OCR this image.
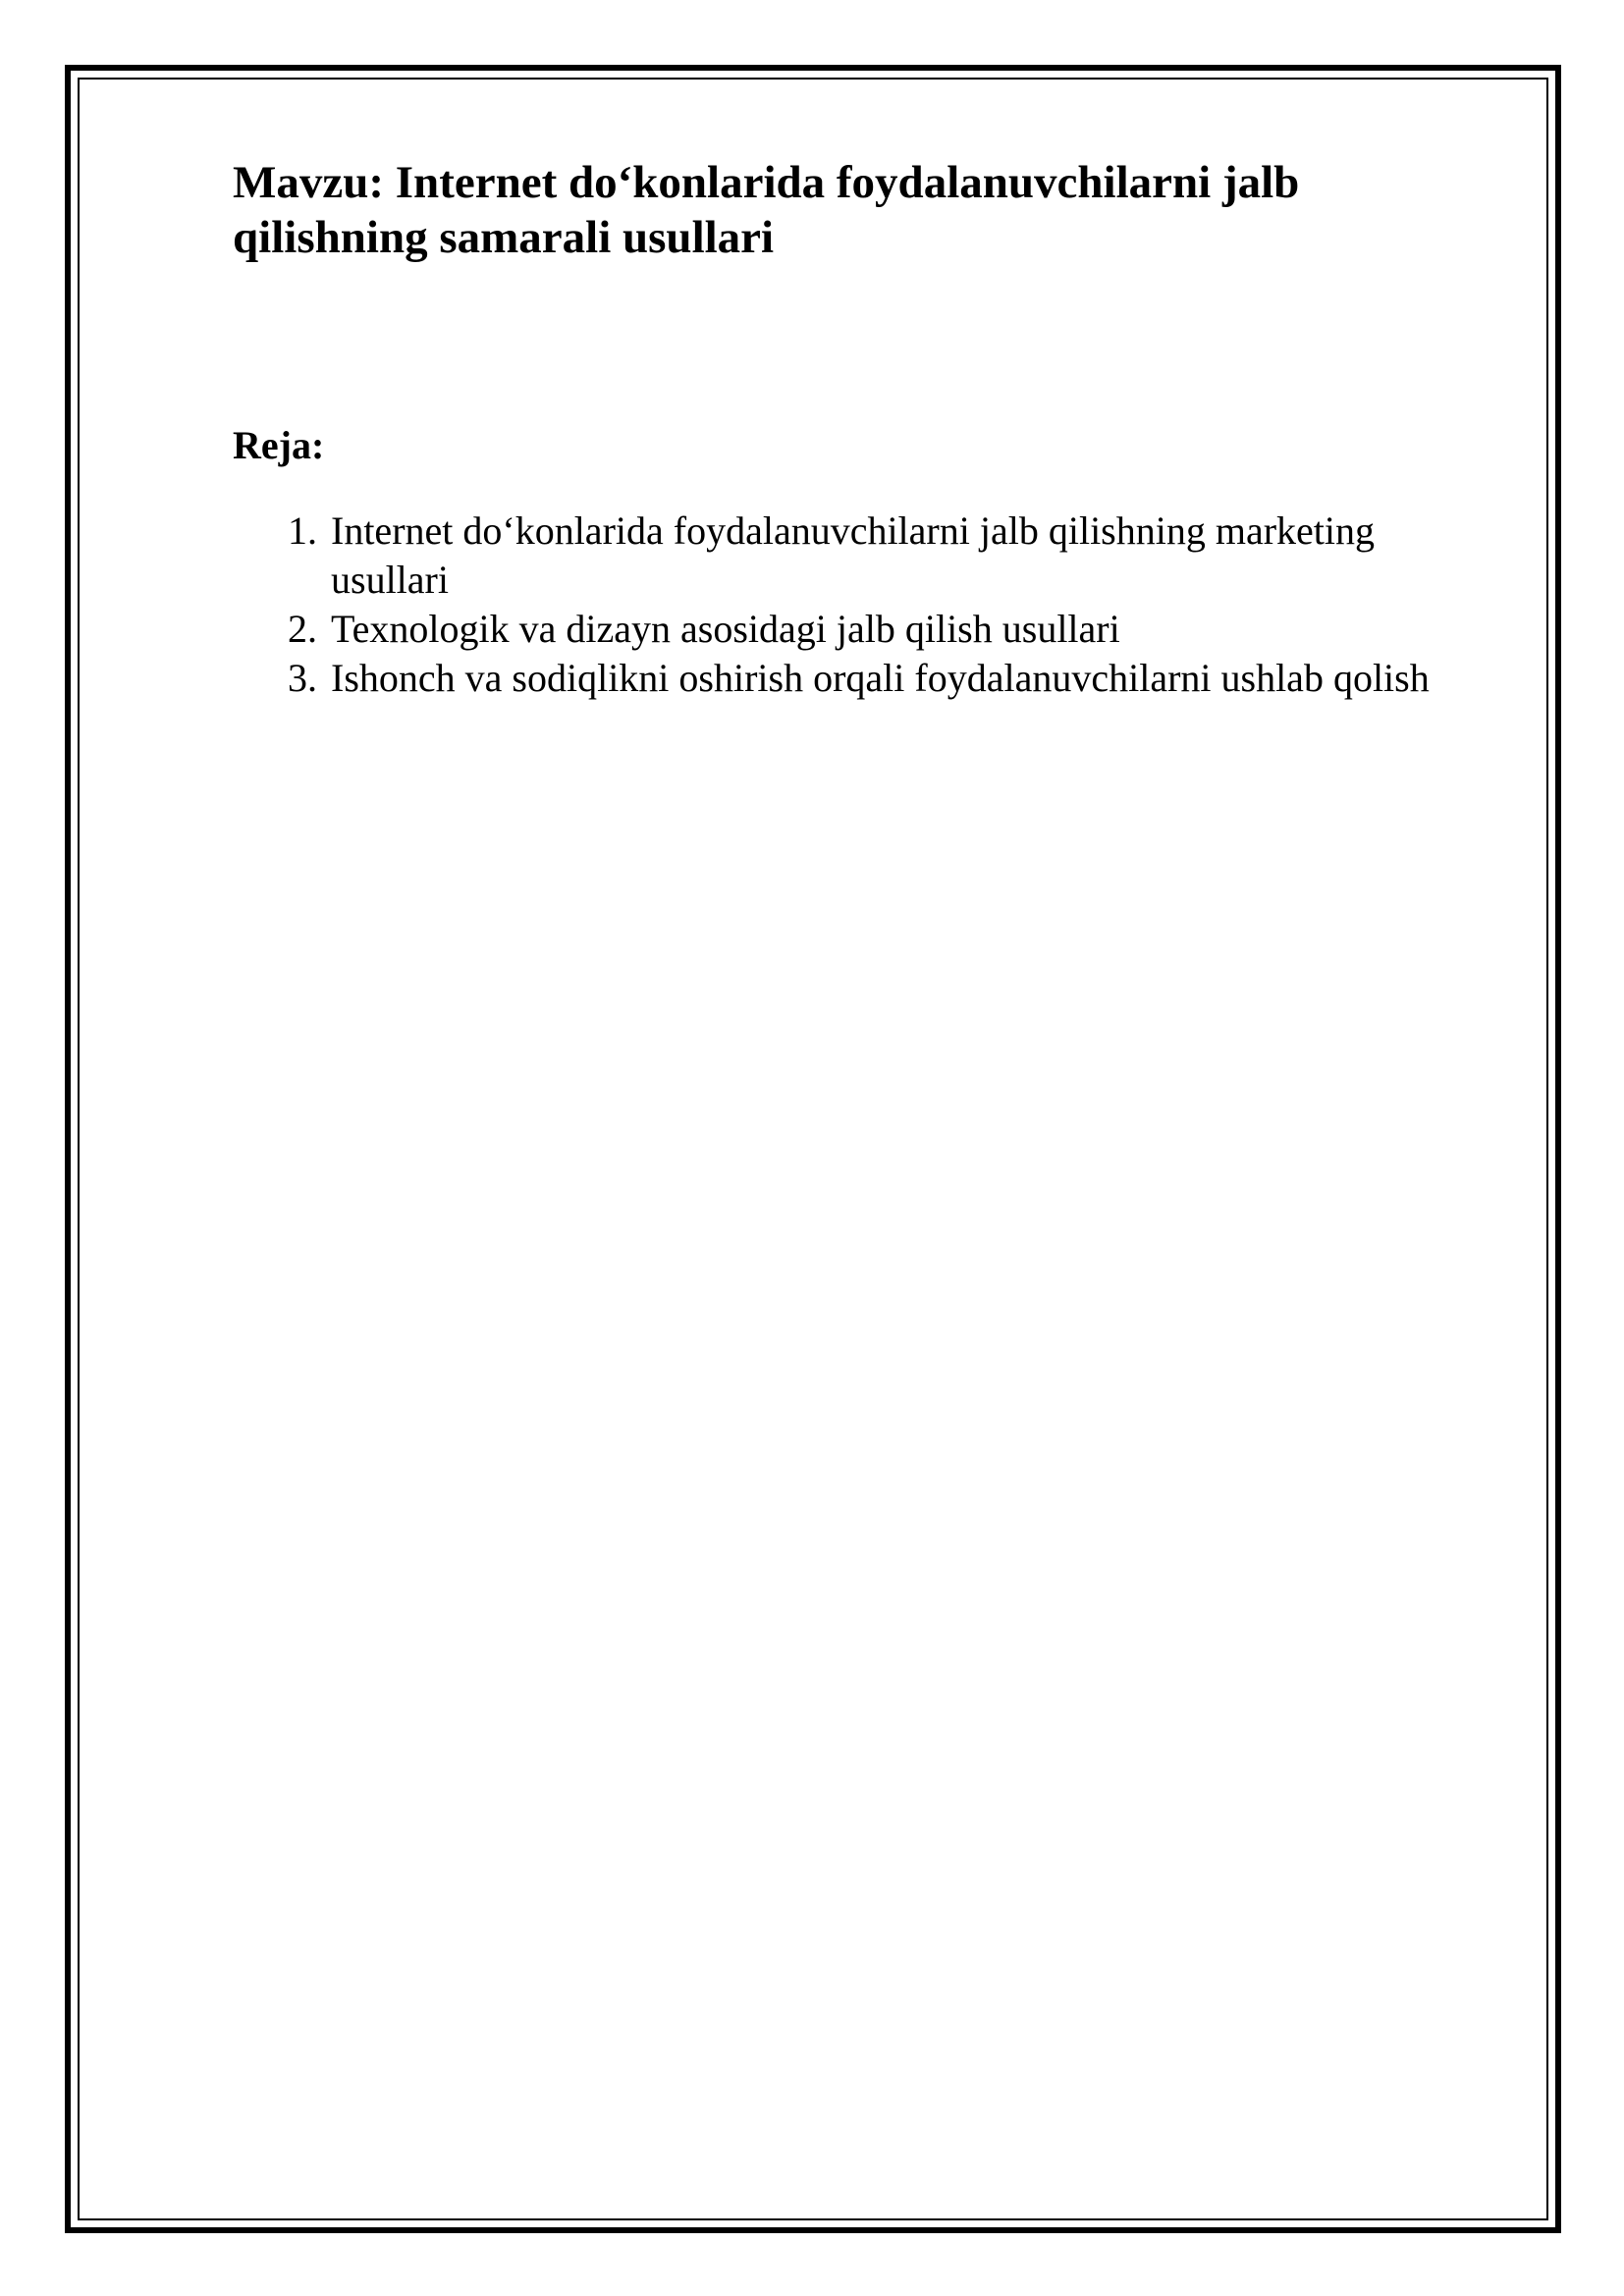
Mavzu: Internet do‘konlarida foydalanuvchilarni jalb qilishning samarali usullari
Reja:
1. Internet do‘konlarida foydalanuvchilarni jalb qilishning marketing usullari
2. Texnologik va dizayn asosidagi jalb qilish usullari
3. Ishonch va sodiqlikni oshirish orqali foydalanuvchilarni ushlab qolish
